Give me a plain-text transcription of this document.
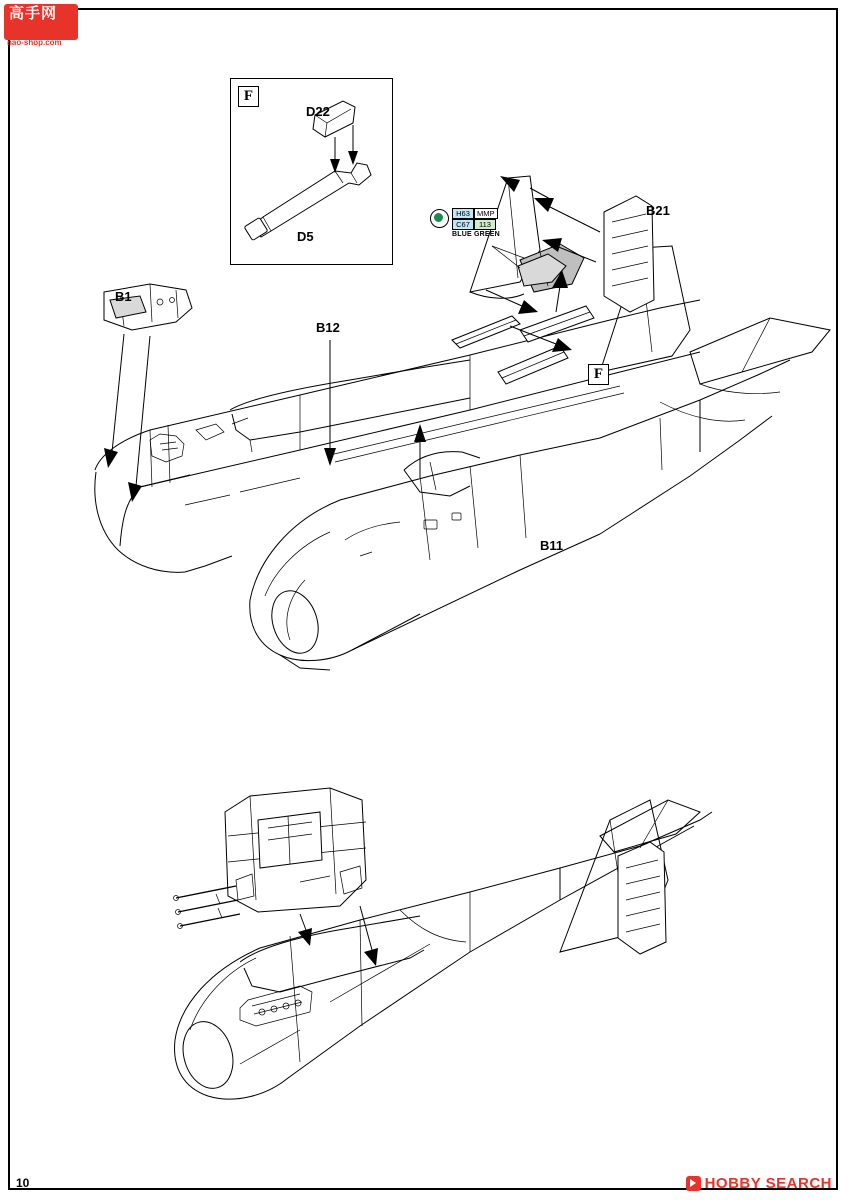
高手网
nao-shop.com
B1
B12
B11
B21
F
F
D22
D5
H63 MMP
C67	113
BLUE GREEN
10	HOBBY SEARCH
